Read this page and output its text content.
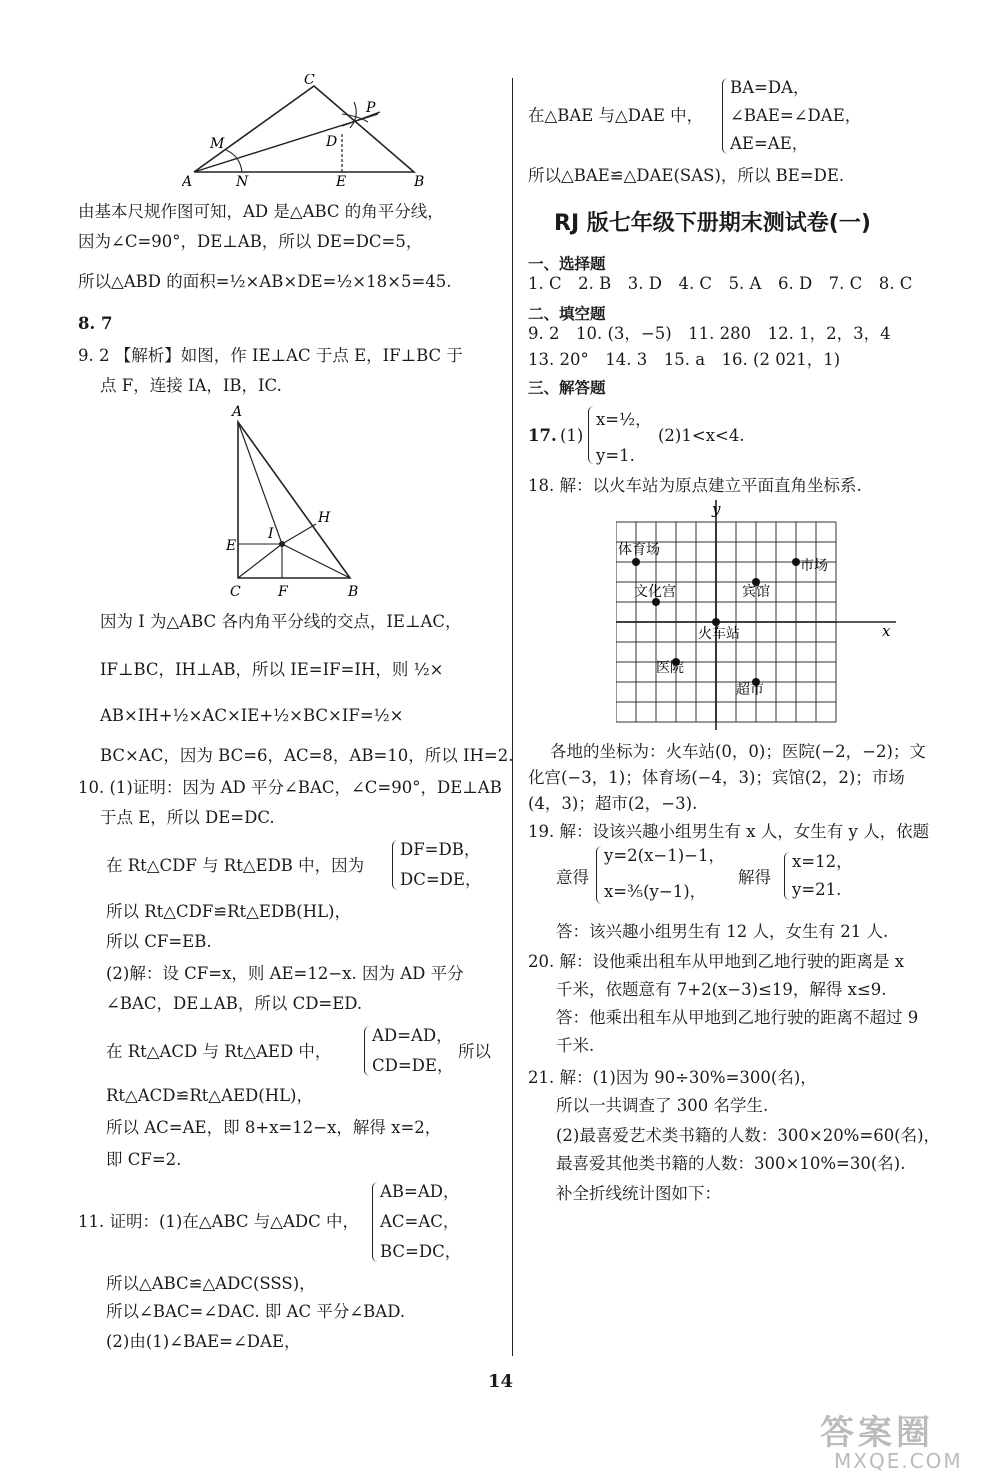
C
P
M	D
A	N	E	B
由基本尺规作图可知，AD 是△ABC 的角平分线，
因为∠C=90°，DE⊥AB，所以 DE=DC=5，
所以△ABD 的面积=½×AB×DE=½×18×5=45.
8. 7
9. 2 【解析】如图，作 IE⊥AC 于点 E，IF⊥BC 于
点 F，连接 IA，IB，IC.
A
H
E
I
C	F	B
因为 I 为△ABC 各内角平分线的交点，IE⊥AC，
IF⊥BC，IH⊥AB，所以 IE=IF=IH，则 ½×
AB×IH+½×AC×IE+½×BC×IF=½×
BC×AC，因为 BC=6，AC=8，AB=10，所以 IH=2.
10. (1)证明：因为 AD 平分∠BAC，∠C=90°，DE⊥AB
于点 E，所以 DE=DC.
在 Rt△CDF 与 Rt△EDB 中，因为
DF=DB，
DC=DE，
所以 Rt△CDF≌Rt△EDB(HL)，
所以 CF=EB.
(2)解：设 CF=x，则 AE=12−x. 因为 AD 平分
∠BAC，DE⊥AB，所以 CD=ED.
在 Rt△ACD 与 Rt△AED 中，
AD=AD，
CD=DE，
所以
Rt△ACD≌Rt△AED(HL)，
所以 AC=AE，即 8+x=12−x，解得 x=2，
即 CF=2.
11. 证明：(1)在△ABC 与△ADC 中，
AB=AD，
AC=AC，
BC=DC，
所以△ABC≌△ADC(SSS)，
所以∠BAC=∠DAC. 即 AC 平分∠BAD.
(2)由(1)∠BAE=∠DAE，
在△BAE 与△DAE 中，
BA=DA，
∠BAE=∠DAE，
AE=AE，
所以△BAE≌△DAE(SAS)，所以 BE=DE.
RJ 版七年级下册期末测试卷(一)
一、选择题
1. C　2. B　3. D　4. C　5. A　6. D　7. C　8. C
二、填空题
9. 2　10. (3，−5)　11. 280　12. 1，2，3，4
13. 20°　14. 3　15. a　16. (2 021，1)
三、解答题
17. (1)
x=½，
y=1.
(2)1<x<4.
18. 解：以火车站为原点建立平面直角坐标系.
y
x
体育场
市场
宾馆
文化宫
火车站
医院
超市
各地的坐标为：火车站(0，0)；医院(−2，−2)；文
化宫(−3，1)；体育场(−4，3)；宾馆(2，2)；市场
(4，3)；超市(2，−3).
19. 解：设该兴趣小组男生有 x 人，女生有 y 人，依题
意得
y=2(x−1)−1，
x=⅗(y−1)，
解得
x=12，
y=21.
答：该兴趣小组男生有 12 人，女生有 21 人.
20. 解：设他乘出租车从甲地到乙地行驶的距离是 x
千米，依题意有 7+2(x−3)≤19，解得 x≤9.
答：他乘出租车从甲地到乙地行驶的距离不超过 9
千米.
21. 解：(1)因为 90÷30%=300(名)，
所以一共调查了 300 名学生.
(2)最喜爱艺术类书籍的人数：300×20%=60(名)，
最喜爱其他类书籍的人数：300×10%=30(名).
补全折线统计图如下：
14
答案圈
MXQE.COM
